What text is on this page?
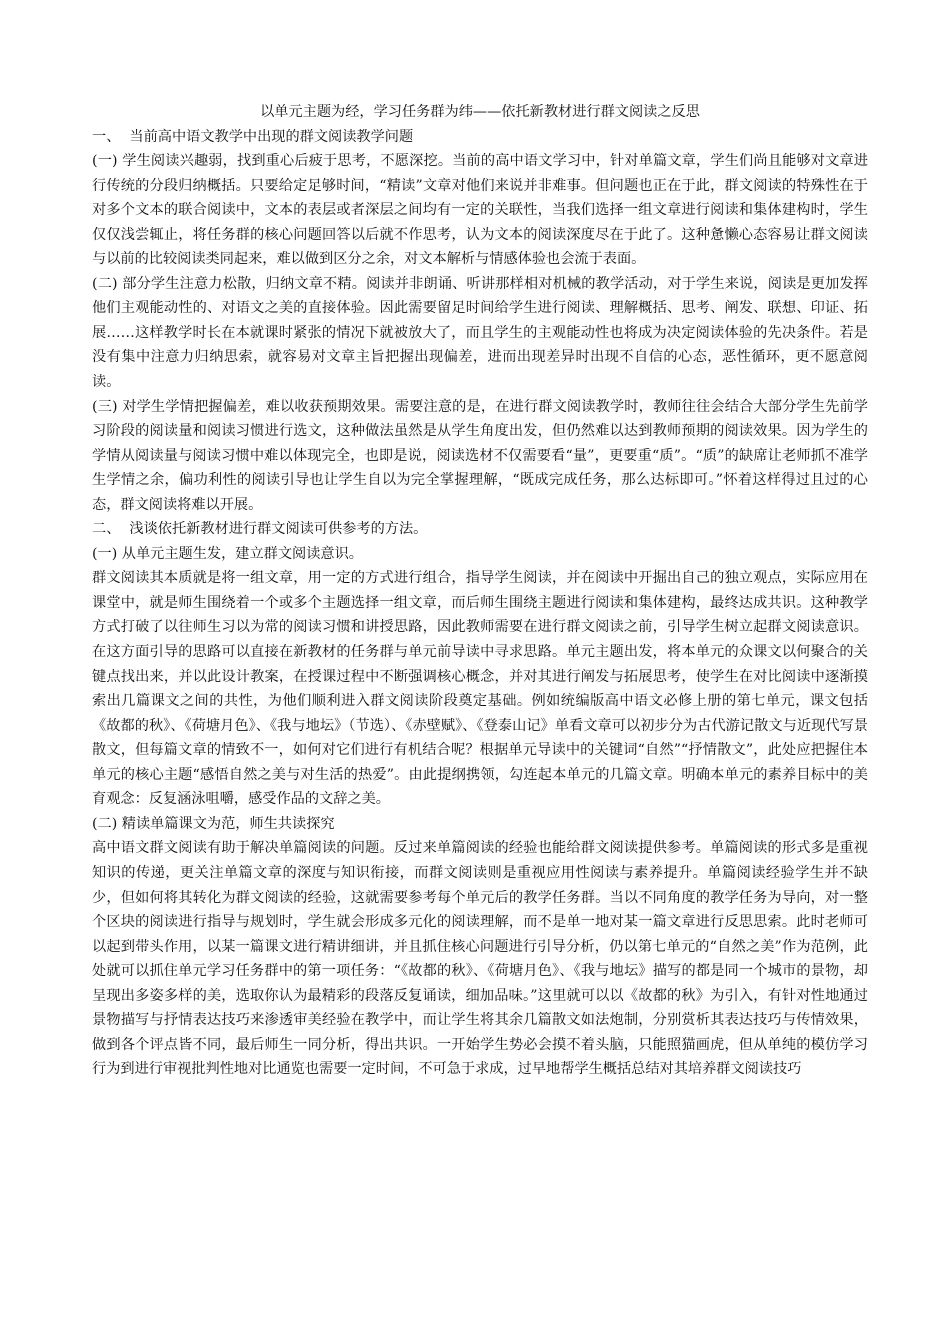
以单元主题为经，学习任务群为纬——依托新教材进行群文阅读之反思

一、  当前高中语文教学中出现的群文阅读教学问题

(一) 学生阅读兴趣弱，找到重心后疲于思考，不愿深挖。当前的高中语文学习中，针对单篇文章，学生们尚且能够对文章进行传统的分段归纳概括。只要给定足够时间，“精读”文章对他们来说并非难事。但问题也正在于此，群文阅读的特殊性在于对多个文本的联合阅读中，文本的表层或者深层之间均有一定的关联性，当我们选择一组文章进行阅读和集体建构时，学生仅仅浅尝辄止，将任务群的核心问题回答以后就不作思考，认为文本的阅读深度尽在于此了。这种惫懒心态容易让群文阅读与以前的比较阅读类同起来，难以做到区分之余，对文本解析与情感体验也会流于表面。

(二) 部分学生注意力松散，归纳文章不精。阅读并非朗诵、听讲那样相对机械的教学活动，对于学生来说，阅读是更加发挥他们主观能动性的、对语文之美的直接体验。因此需要留足时间给学生进行阅读、理解概括、思考、阐发、联想、印证、拓展……这样教学时长在本就课时紧张的情况下就被放大了，而且学生的主观能动性也将成为决定阅读体验的先决条件。若是没有集中注意力归纳思索，就容易对文章主旨把握出现偏差，进而出现差异时出现不自信的心态，恶性循环，更不愿意阅读。

(三) 对学生学情把握偏差，难以收获预期效果。需要注意的是，在进行群文阅读教学时，教师往往会结合大部分学生先前学习阶段的阅读量和阅读习惯进行选文，这种做法虽然是从学生角度出发，但仍然难以达到教师预期的阅读效果。因为学生的学情从阅读量与阅读习惯中难以体现完全，也即是说，阅读选材不仅需要看“量”，更要重“质”。“质”的缺席让老师抓不准学生学情之余，偏功利性的阅读引导也让学生自以为完全掌握理解，“既成完成任务，那么达标即可。”怀着这样得过且过的心态，群文阅读将难以开展。

二、  浅谈依托新教材进行群文阅读可供参考的方法。

(一) 从单元主题生发，建立群文阅读意识。

群文阅读其本质就是将一组文章，用一定的方式进行组合，指导学生阅读，并在阅读中开掘出自己的独立观点，实际应用在课堂中，就是师生围绕着一个或多个主题选择一组文章，而后师生围绕主题进行阅读和集体建构，最终达成共识。这种教学方式打破了以往师生习以为常的阅读习惯和讲授思路，因此教师需要在进行群文阅读之前，引导学生树立起群文阅读意识。在这方面引导的思路可以直接在新教材的任务群与单元前导读中寻求思路。单元主题出发，将本单元的众课文以何聚合的关键点找出来，并以此设计教案，在授课过程中不断强调核心概念，并对其进行阐发与拓展思考，使学生在对比阅读中逐渐摸索出几篇课文之间的共性，为他们顺利进入群文阅读阶段奠定基础。例如统编版高中语文必修上册的第七单元，课文包括《故都的秋》、《荷塘月色》、《我与地坛》（节选）、《赤壁赋》、《登泰山记》单看文章可以初步分为古代游记散文与近现代写景散文，但每篇文章的情致不一，如何对它们进行有机结合呢？根据单元导读中的关键词“自然”“抒情散文”，此处应把握住本单元的核心主题“感悟自然之美与对生活的热爱”。由此提纲携领，勾连起本单元的几篇文章。明确本单元的素养目标中的美育观念：反复涵泳咀嚼，感受作品的文辞之美。

(二) 精读单篇课文为范，师生共读探究

高中语文群文阅读有助于解决单篇阅读的问题。反过来单篇阅读的经验也能给群文阅读提供参考。单篇阅读的形式多是重视知识的传递，更关注单篇文章的深度与知识衔接，而群文阅读则是重视应用性阅读与素养提升。单篇阅读经验学生并不缺少，但如何将其转化为群文阅读的经验，这就需要参考每个单元后的教学任务群。当以不同角度的教学任务为导向，对一整个区块的阅读进行指导与规划时，学生就会形成多元化的阅读理解，而不是单一地对某一篇文章进行反思思索。此时老师可以起到带头作用，以某一篇课文进行精讲细讲，并且抓住核心问题进行引导分析，仍以第七单元的“自然之美”作为范例，此处就可以抓住单元学习任务群中的第一项任务：“《故都的秋》、《荷塘月色》、《我与地坛》描写的都是同一个城市的景物，却呈现出多姿多样的美，选取你认为最精彩的段落反复诵读，细加品味。”这里就可以以《故都的秋》为引入，有针对性地通过景物描写与抒情表达技巧来渗透审美经验在教学中，而让学生将其余几篇散文如法炮制，分别赏析其表达技巧与传情效果，做到各个评点皆不同，最后师生一同分析，得出共识。一开始学生势必会摸不着头脑，只能照猫画虎，但从单纯的模仿学习行为到进行审视批判性地对比通览也需要一定时间，不可急于求成，过早地帮学生概括总结对其培养群文阅读技巧
